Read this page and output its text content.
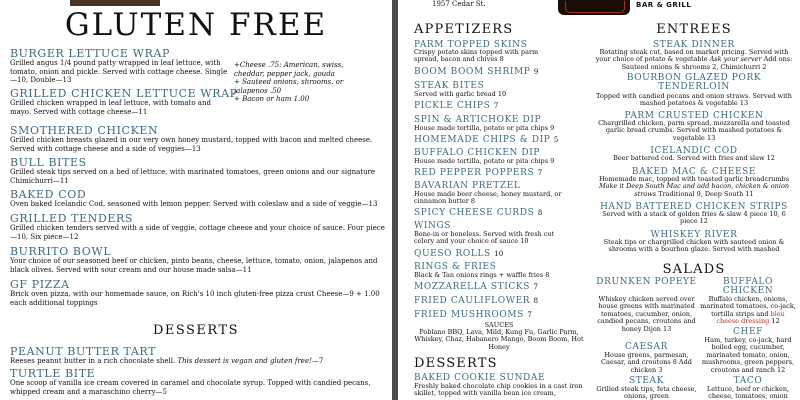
GLUTEN FREE
BURGER LETTUCE WRAP
Grilled angus 1/4 pound patty wrapped in leaf lettuce, with tomato, onion and pickle. Served with cottage cheese. Single—10, Double—13
+Cheese .75: American, swiss, cheddar, pepper jack, gouda
+ Sauteed onions, shrooms, or jalapenos .50
+ Bacon or ham 1.00
GRILLED CHICKEN LETTUCE WRAP
Grilled chicken wrapped in leaf lettuce, with tomato and mayo. Served with cottage cheese—11
SMOTHERED CHICKEN
Grilled chicken breasts glazed in our very own honey mustard, topped with bacon and melted cheese. Served with cottage cheese and a side of veggies—13
BULL BITES
Grilled steak tips served on a bed of lettuce, with marinated tomatoes, green onions and our signature Chimichurri—11
BAKED COD
Oven baked Icelandic Cod, seasoned with lemon pepper. Served with coleslaw and a side of veggie—13
GRILLED TENDERS
Grilled chicken tenders served with a side of veggie, cottage cheese and your choice of sauce. Four piece—10, Six piece—12
BURRITO BOWL
Your choice of our seasoned beef or chicken, pinto beans, cheese, lettuce, tomato, onion, jalapenos and black olives. Served with sour cream and our house made salsa—11
GF PIZZA
Brick oven pizza, with our homemade sauce, on Rich's 10 inch gluten-free pizza crust Cheese—9 + 1.00 each additional toppings
DESSERTS
PEANUT BUTTER TART
Reeses peanut butter in a rich chocolate shell. This dessert is vegan and gluten free!—7
TURTLE BITE
One scoop of vanilla ice cream covered in caramel and chocolate syrup. Topped with candied pecans, whipped cream and a maraschino cherry—5
1957 Cedar St.	BAR & GRILL
APPETIZERS
PARM TOPPED SKINS
Crispy potato skins topped with parm spread, bacon and chives 8
BOOM BOOM SHRIMP 9
STEAK BITES
Served with garlic bread 10
PICKLE CHIPS 7
SPIN & ARTICHOKE DIP
House made tortilla, potato or pita chips 9
HOMEMADE CHIPS & DIP 5
BUFFALO CHICKEN DIP
House made tortilla, potato or pita chips 9
RED PEPPER POPPERS 7
BAVARIAN PRETZEL
House made beer cheese, honey mustard, or cinnamon butter 8
SPICY CHEESE CURDS 8
WINGS
Bone-in or boneless. Served with fresh cut celery and your choice of sauce 10
QUESO ROLLS 10
RINGS & FRIES
Black & Tan onions rings + waffle fries 8
MOZZARELLA STICKS 7
FRIED CAULIFLOWER 8
FRIED MUSHROOMS 7
SAUCES
Poblano BBQ, Lava, Mild, Kung Fu, Garlic Parm, Whiskey, Chaz, Habanero Mango, Boom Boom, Hot Honey
DESSERTS
BAKED COOKIE SUNDAE
Freshly baked chocolate chip cookies in a cast iron skillet, topped with vanilla bean ice cream,
ENTREES
STEAK DINNER
Rotating steak cut, based on market pricing. Served with your choice of potato & vegetable Ask your server Add ons: Sauteed onions & shrooms 2, Chimichurri 2
BOURBON GLAZED PORK TENDERLOIN
Topped with candied pecans and onion straws. Served with mashed potatoes & vegetable 13
PARM CRUSTED CHICKEN
Chargrilled chicken, parm spread, mozzarella and toasted garlic bread crumbs. Served with mashed potatoes & vegetable 13
ICELANDIC COD
Beer battered cod. Served with fries and slaw 12
BAKED MAC & CHEESE
Homemade mac, topped with toasted garlic breadcrumbs Make it Deep South Mac and add bacon, chicken & onion straws Traditional 9, Deep South 11
HAND BATTERED CHICKEN STRIPS
Served with a stack of golden fries & slaw 4 piece 10, 6 piece 12
WHISKEY RIVER
Steak tips or chargrilled chicken with sauteed onion & shrooms with a bourbon glaze. Served with mashed
SALADS
DRUNKEN POPEYE
Whiskey chicken served over house greens with marinated tomatoes, cucumber, onion, candied pecans, croutons and honey Dijon 13
BUFFALO CHICKEN
Buffalo chicken, onions, marinated tomatoes, co-jack, tortilla strips and bleu cheese dressing 12
CAESAR
House greens, parmesan, Caesar, and croutons 8 Add chicken 3
CHEF
Ham, turkey, co-jack, hard boiled egg, cucumber, marinated tomato, onion, mushrooms, green peppers, croutons and ranch 12
STEAK
Grilled steak tips, feta cheese, onions, green
TACO
Lettuce, beef or chicken, cheese, tomatoes, onion
